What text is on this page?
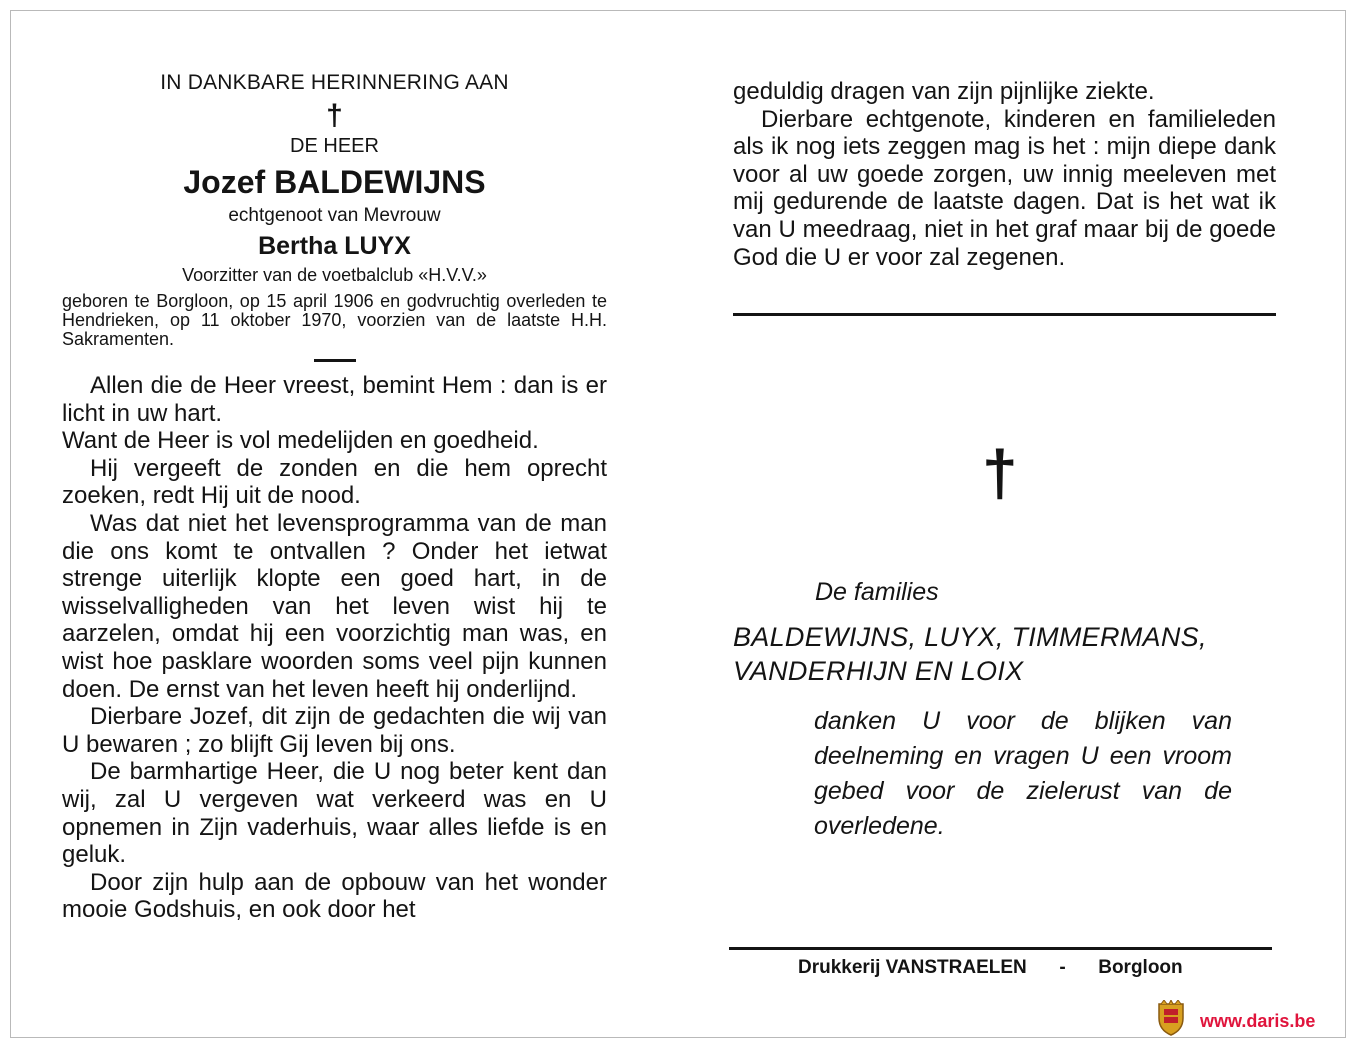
IN DANKBARE HERINNERING AAN
†
DE HEER
Jozef BALDEWIJNS
echtgenoot van Mevrouw
Bertha LUYX
Voorzitter van de voetbalclub «H.V.V.»
geboren te Borgloon, op 15 april 1906 en godvruchtig overleden te Hendrieken, op 11 oktober 1970, voorzien van de laatste H.H. Sakramenten.

Allen die de Heer vreest, bemint Hem : dan is er licht in uw hart.

Want de Heer is vol medelijden en goedheid.

Hij vergeeft de zonden en die hem oprecht zoeken, redt Hij uit de nood.

Was dat niet het levensprogramma van de man die ons komt te ontvallen ? Onder het ietwat strenge uiterlijk klopte een goed hart, in de wisselvalligheden van het leven wist hij te aarzelen, omdat hij een voorzichtig man was, en wist hoe pasklare woorden soms veel pijn kunnen doen. De ernst van het leven heeft hij onderlijnd.

Dierbare Jozef, dit zijn de gedachten die wij van U bewaren ; zo blijft Gij leven bij ons.

De barmhartige Heer, die U nog beter kent dan wij, zal U vergeven wat verkeerd was en U opnemen in Zijn vaderhuis, waar alles liefde is en geluk.

Door zijn hulp aan de opbouw van het wonder mooie Godshuis, en ook door het

geduldig dragen van zijn pijnlijke ziekte.

Dierbare echtgenote, kinderen en familieleden als ik nog iets zeggen mag is het : mijn diepe dank voor al uw goede zorgen, uw innig meeleven met mij gedurende de laatste dagen. Dat is het wat ik van U meedraag, niet in het graf maar bij de goede God die U er voor zal zegenen.

†
De families
BALDEWIJNS, LUYX, TIMMERMANS,
VANDERHIJN EN LOIX
danken U voor de blijken van deelneming en vragen U een vroom gebed voor de zielerust van de overledene.
Drukkerij VANSTRAELEN - Borgloon
www.daris.be
